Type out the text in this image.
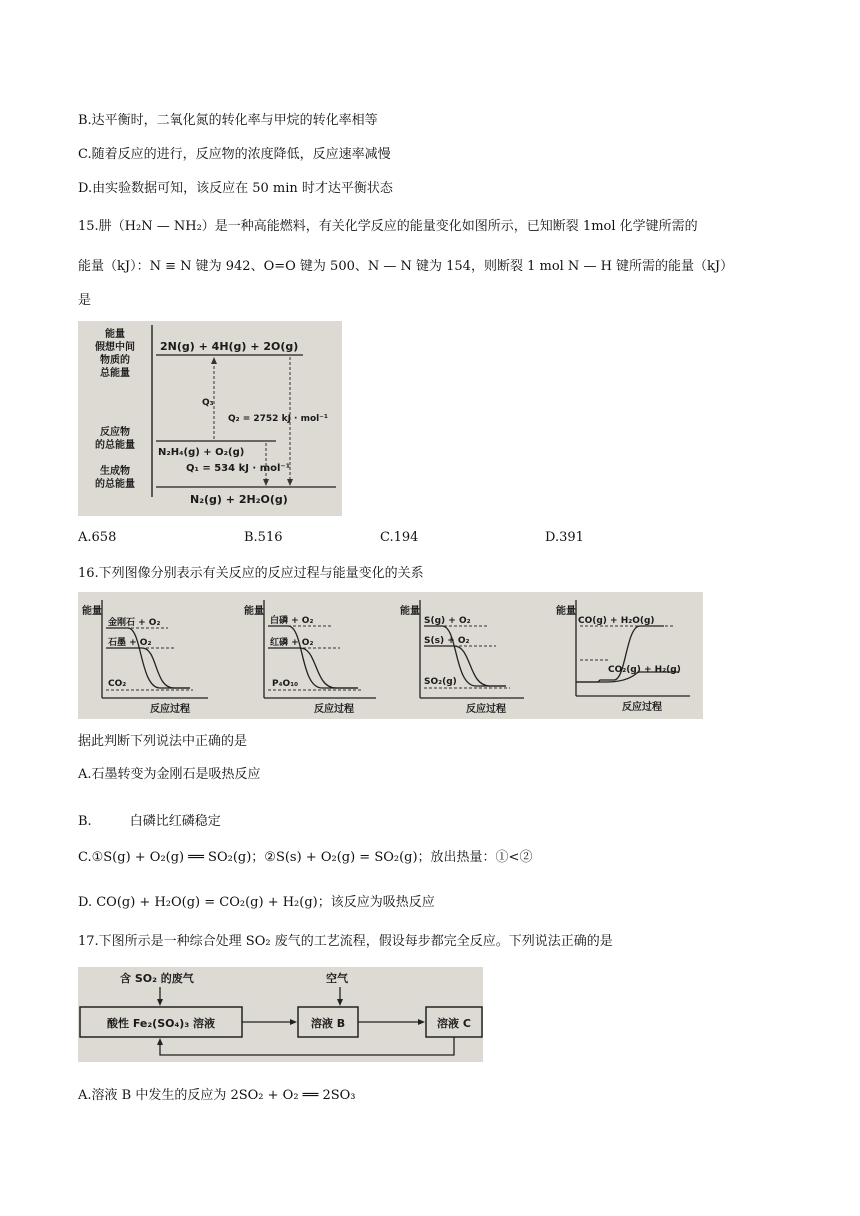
B.达平衡时，二氧化氮的转化率与甲烷的转化率相等
C.随着反应的进行，反应物的浓度降低，反应速率减慢
D.由实验数据可知，该反应在 50 min 时才达平衡状态
15.肼（H₂N — NH₂）是一种高能燃料，有关化学反应的能量变化如图所示，已知断裂 1mol 化学键所需的
能量（kJ）：N ≡ N 键为 942、O=O 键为 500、N — N 键为 154，则断裂 1 mol N — H 键所需的能量（kJ）
是
能量
假想中间
物质的
总能量
反应物
的总能量
生成物
的总能量
2N(g) + 4H(g) + 2O(g)
Q₃
Q₂ = 2752 kJ · mol⁻¹
N₂H₄(g) + O₂(g)
Q₁ = 534 kJ · mol⁻¹
N₂(g) + 2H₂O(g)
A.658	B.516	C.194	D.391
16.下列图像分别表示有关反应的反应过程与能量变化的关系
能量
金刚石 + O₂
石墨 + O₂
CO₂
反应过程
能量
白磷 + O₂
红磷 + O₂
P₄O₁₀
反应过程
能量
S(g) + O₂
S(s) + O₂
SO₂(g)
反应过程
能量
CO(g) + H₂O(g)
CO₂(g) + H₂(g)
反应过程
据此判断下列说法中正确的是
A.石墨转变为金刚石是吸热反应
B.	白磷比红磷稳定
C.①S(g) + O₂(g) ══ SO₂(g)；②S(s) + O₂(g) = SO₂(g)；放出热量：①<②
D. CO(g) + H₂O(g) = CO₂(g) + H₂(g)；该反应为吸热反应
17.下图所示是一种综合处理 SO₂ 废气的工艺流程，假设每步都完全反应。下列说法正确的是
含 SO₂ 的废气	空气
酸性 Fe₂(SO₄)₃ 溶液	溶液 B	溶液 C
A.溶液 B 中发生的反应为 2SO₂ + O₂ ══ 2SO₃
